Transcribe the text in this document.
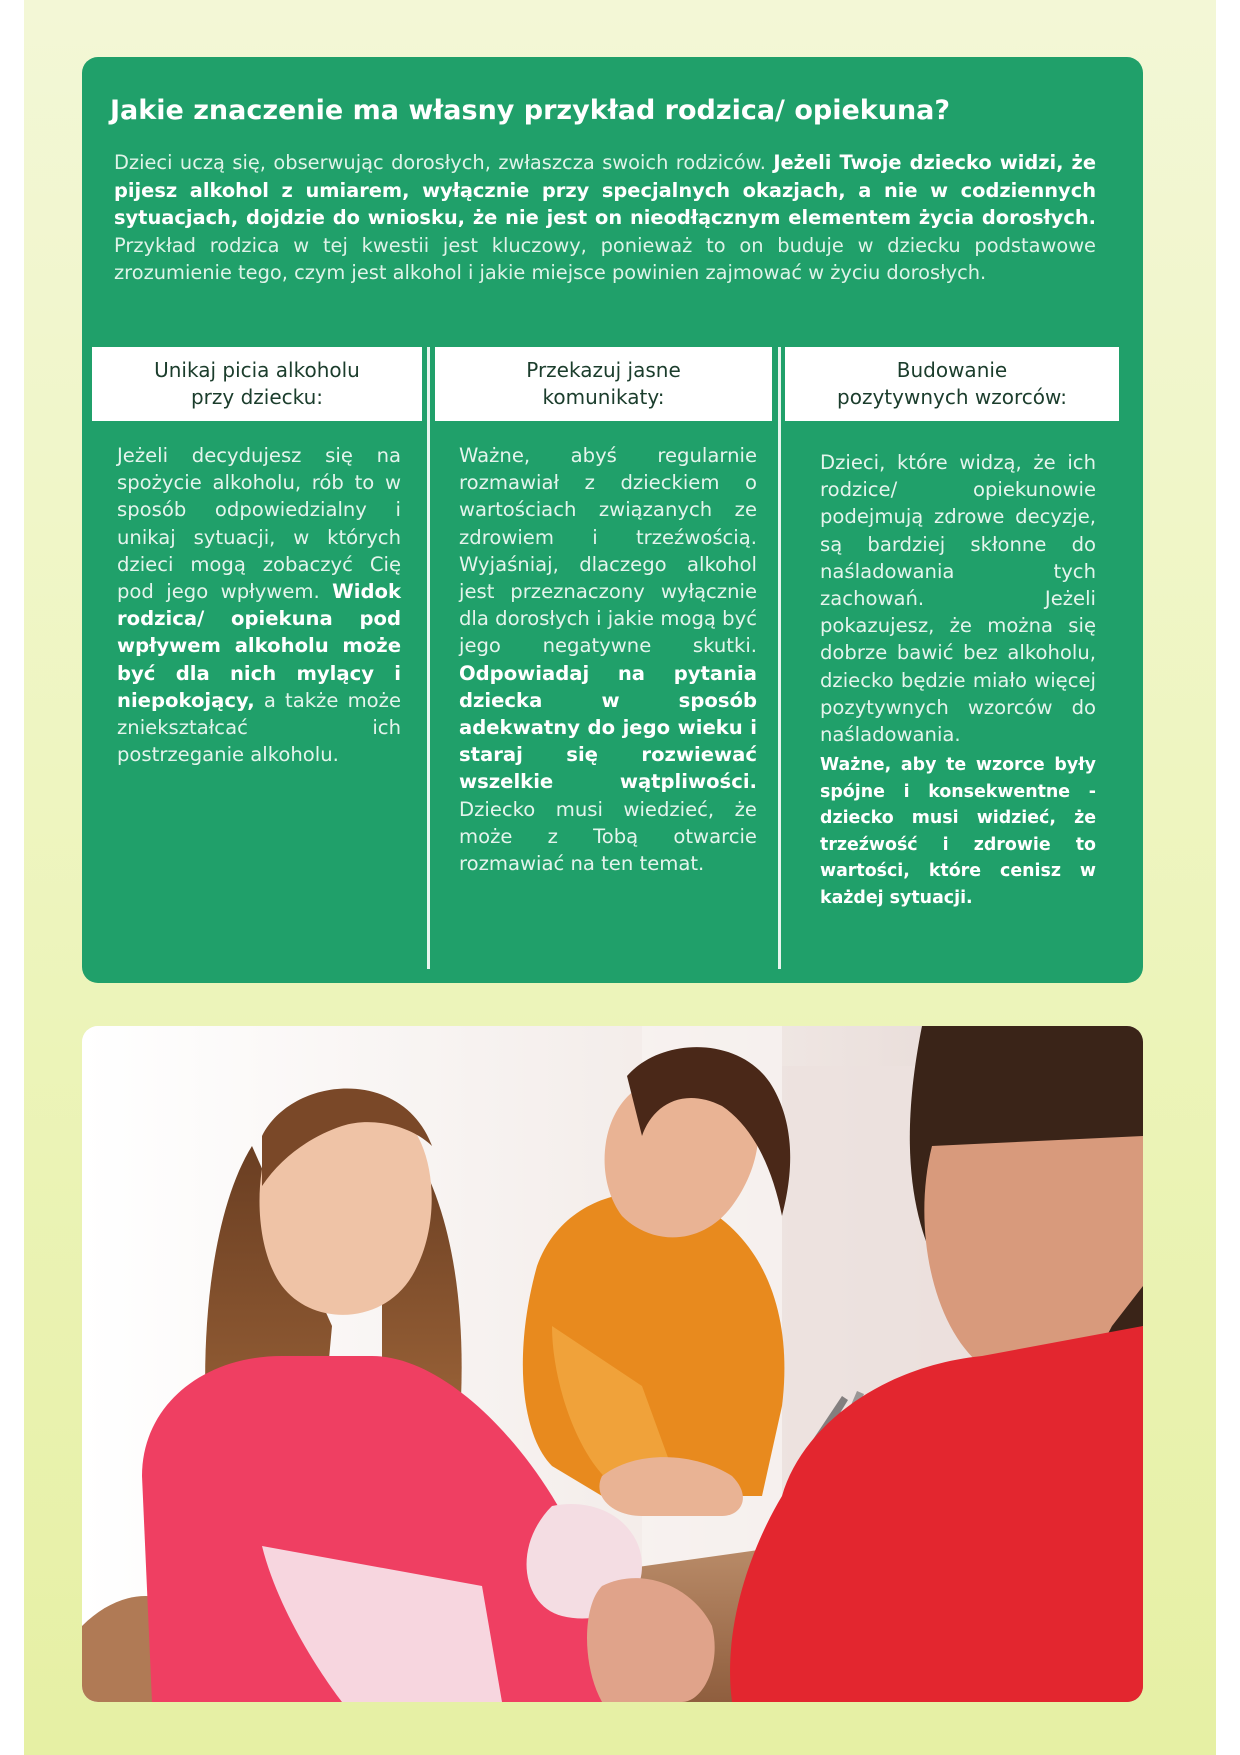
Jakie znaczenie ma własny przykład rodzica/ opiekuna?

Dzieci uczą się, obserwując dorosłych, zwłaszcza swoich rodziców. Jeżeli Twoje dziecko widzi, że pijesz alkohol z umiarem, wyłącznie przy specjalnych okazjach, a nie w codziennych sytuacjach, dojdzie do wniosku, że nie jest on nieodłącznym elementem życia dorosłych. Przykład rodzica w tej kwestii jest kluczowy, ponieważ to on buduje w dziecku podstawowe zrozumienie tego, czym jest alkohol i jakie miejsce powinien zajmować w życiu dorosłych.

Unikaj picia alkoholu
przy dziecku:
Przekazuj jasne
komunikaty:
Budowanie
pozytywnych wzorców:

Jeżeli decydujesz się na spożycie alkoholu, rób to w sposób odpowiedzialny i unikaj sytuacji, w których dzieci mogą zobaczyć Cię pod jego wpływem. Widok rodzica/ opiekuna pod wpływem alkoholu może być dla nich mylący i niepokojący, a także może zniekształcać ich postrzeganie alkoholu.

Ważne, abyś regularnie rozmawiał z dzieckiem o wartościach związanych ze zdrowiem i trzeźwością. Wyjaśniaj, dlaczego alkohol jest przeznaczony wyłącznie dla dorosłych i jakie mogą być jego negatywne skutki. Odpowiadaj na pytania dziecka w sposób adekwatny do jego wieku i staraj się rozwiewać wszelkie wątpliwości. Dziecko musi wiedzieć, że może z Tobą otwarcie rozmawiać na ten temat.

Dzieci, które widzą, że ich rodzice/ opiekunowie podejmują zdrowe decyzje, są bardziej skłonne do naśladowania tych zachowań. Jeżeli pokazujesz, że można się dobrze bawić bez alkoholu, dziecko będzie miało więcej pozytywnych wzorców do naśladowania.
Ważne, aby te wzorce były spójne i konsekwentne - dziecko musi widzieć, że trzeźwość i zdrowie to wartości, które cenisz w każdej sytuacji.
